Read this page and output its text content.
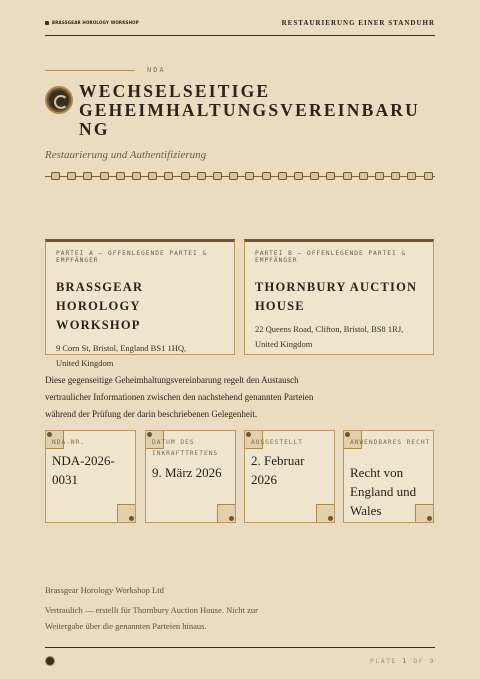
BRASSGEAR HOROLOGY WORKSHOP	RESTAURIERUNG EINER STANDUHR
NDA
WECHSELSEITIGE GEHEIMHALTUNGSVEREINBARU NG
Restaurierung und Authentifizierung
PARTEI A — OFFENLEGENDE PARTEI & EMPFÄNGER
BRASSGEAR HOROLOGY WORKSHOP
9 Corn St, Bristol, England BS1 1HQ,
United Kingdom
PARTEI B — OFFENLEGENDE PARTEI & EMPFÄNGER
THORNBURY AUCTION HOUSE
22 Queens Road, Clifton, Bristol, BS8 1RJ,
United Kingdom
Diese gegenseitige Geheimhaltungsvereinbarung regelt den Austausch vertraulicher Informationen zwischen den nachstehend genannten Parteien während der Prüfung der darin beschriebenen Gelegenheit.
NDA-NR.
NDA-2026-0031
DATUM DES INKRAFTTRETENS
9. März 2026
AUSGESTELLT
2. Februar 2026
ANWENDBARES RECHT
Recht von England und Wales
Brassgear Horology Workshop Ltd
Vertraulich — erstellt für Thornbury Auction House. Nicht zur Weitergabe über die genannten Parteien hinaus.
PLATE 1 OF 9
